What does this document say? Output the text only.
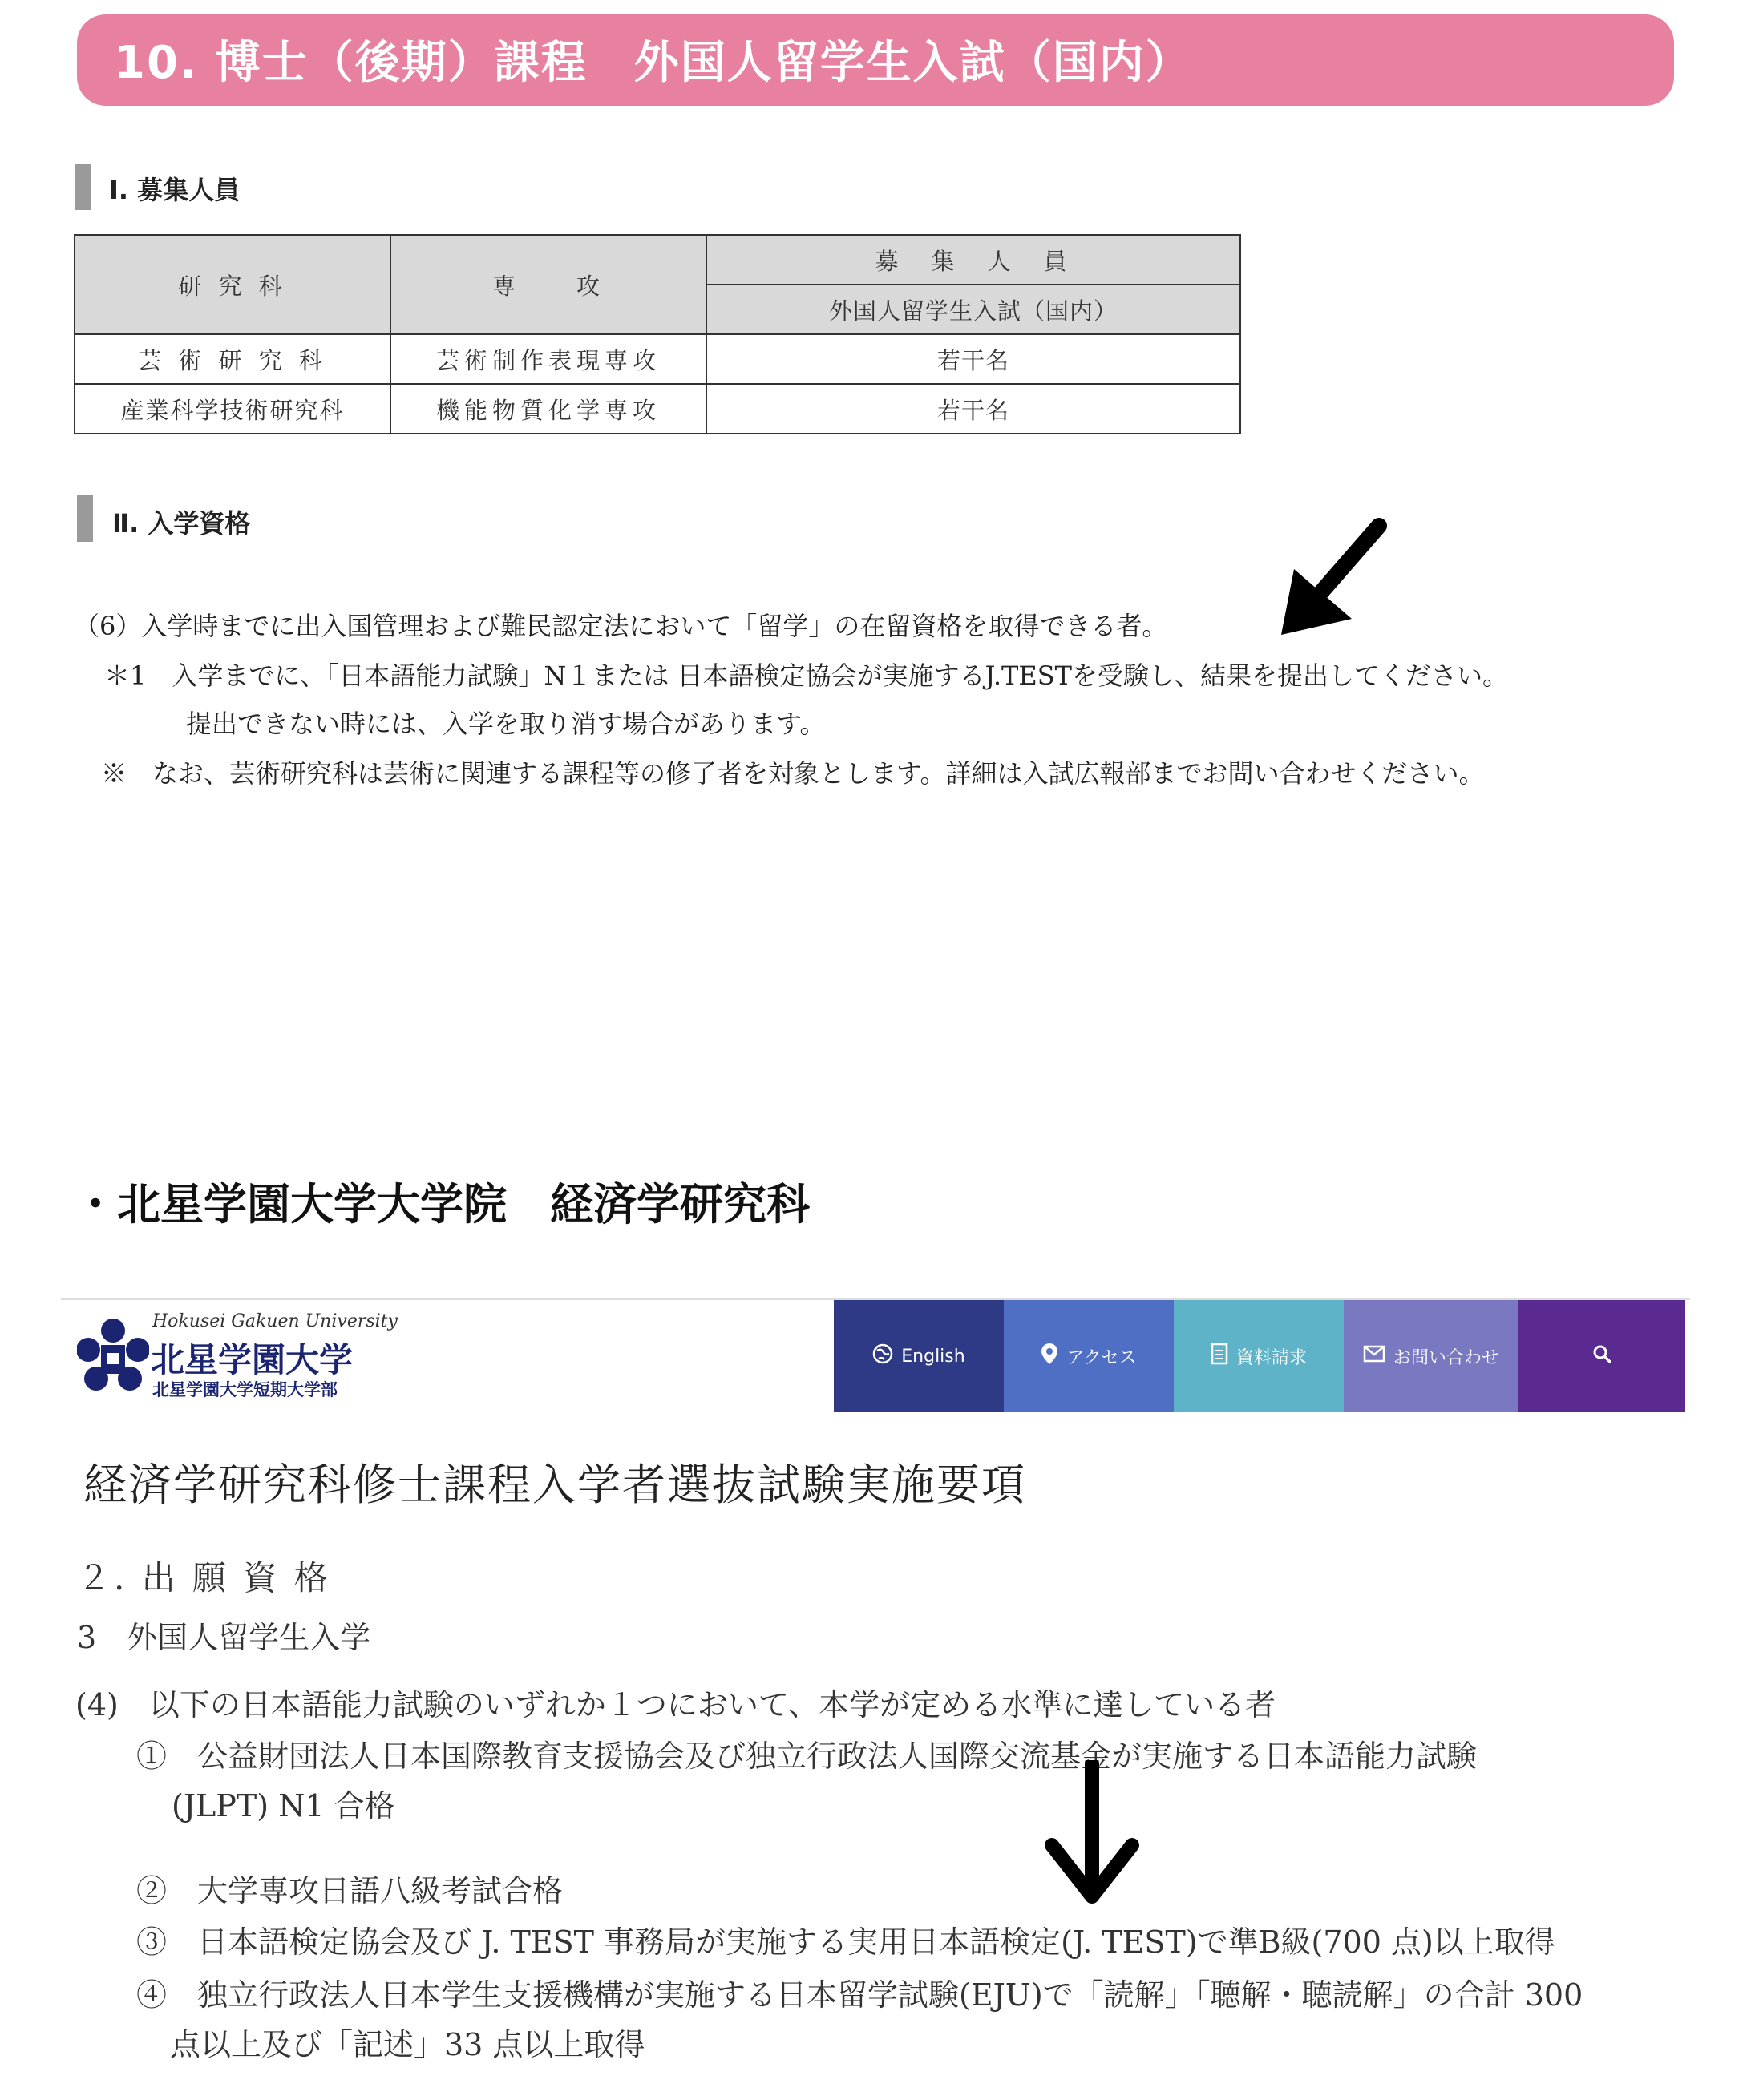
10. 博士（後期）課程　外国人留学生入試（国内）
Ⅰ. 募集人員
研 究 科	専　　攻	募　集　人　員
		外国人留学生入試（国内）
芸 術 研 究 科	芸術制作表現専攻	若干名
産業科学技術研究科	機能物質化学専攻	若干名
Ⅱ. 入学資格
（6）入学時までに出入国管理および難民認定法において「留学」の在留資格を取得できる者。
＊1　入学までに、「日本語能力試験」N１または 日本語検定協会が実施するJ.TESTを受験し、結果を提出してください。
提出できない時には、入学を取り消す場合があります。
※　なお、芸術研究科は芸術に関連する課程等の修了者を対象とします。詳細は入試広報部までお問い合わせください。
・北星学園大学大学院　経済学研究科
Hokusei Gakuen University
北星学園大学
北星学園大学短期大学部
English	アクセス	資料請求	お問い合わせ
経済学研究科修士課程入学者選抜試験実施要項
２. 出 願 資 格
3　外国人留学生入学
(4)　以下の日本語能力試験のいずれか１つにおいて、本学が定める水準に達している者
①　公益財団法人日本国際教育支援協会及び独立行政法人国際交流基金が実施する日本語能力試験
(JLPT) N1 合格
②　大学専攻日語八級考試合格
③　日本語検定協会及び J. TEST 事務局が実施する実用日本語検定(J. TEST)で準B級(700 点)以上取得
④　独立行政法人日本学生支援機構が実施する日本留学試験(EJU)で「読解」「聴解・聴読解」の合計 300
点以上及び「記述」33 点以上取得
